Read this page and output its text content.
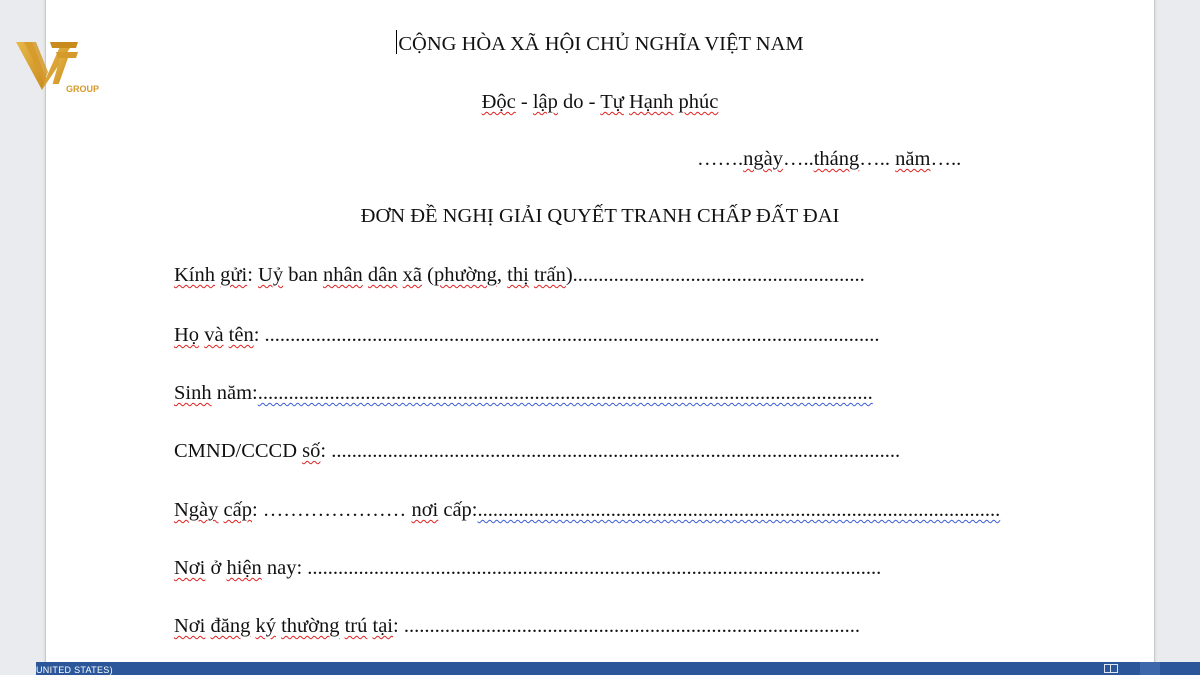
GROUP
CỘNG HÒA XÃ HỘI CHỦ NGHĨA VIỆT NAM
Độc - lập do - Tự Hạnh phúc
…….ngày…..tháng….. năm…..
ĐƠN ĐỀ NGHỊ GIẢI QUYẾT TRANH CHẤP ĐẤT ĐAI
Kính gửi: Uỷ ban nhân dân xã (phường, thị trấn).........................................................
Họ và tên: ........................................................................................................................
Sinh năm:........................................................................................................................
CMND/CCCD số: ...............................................................................................................
Ngày cấp: ………………… nơi cấp:......................................................................................................
Nơi ở hiện nay: ................................................................................................................
Nơi đăng ký thường trú tại: .........................................................................................
UNITED STATES)
